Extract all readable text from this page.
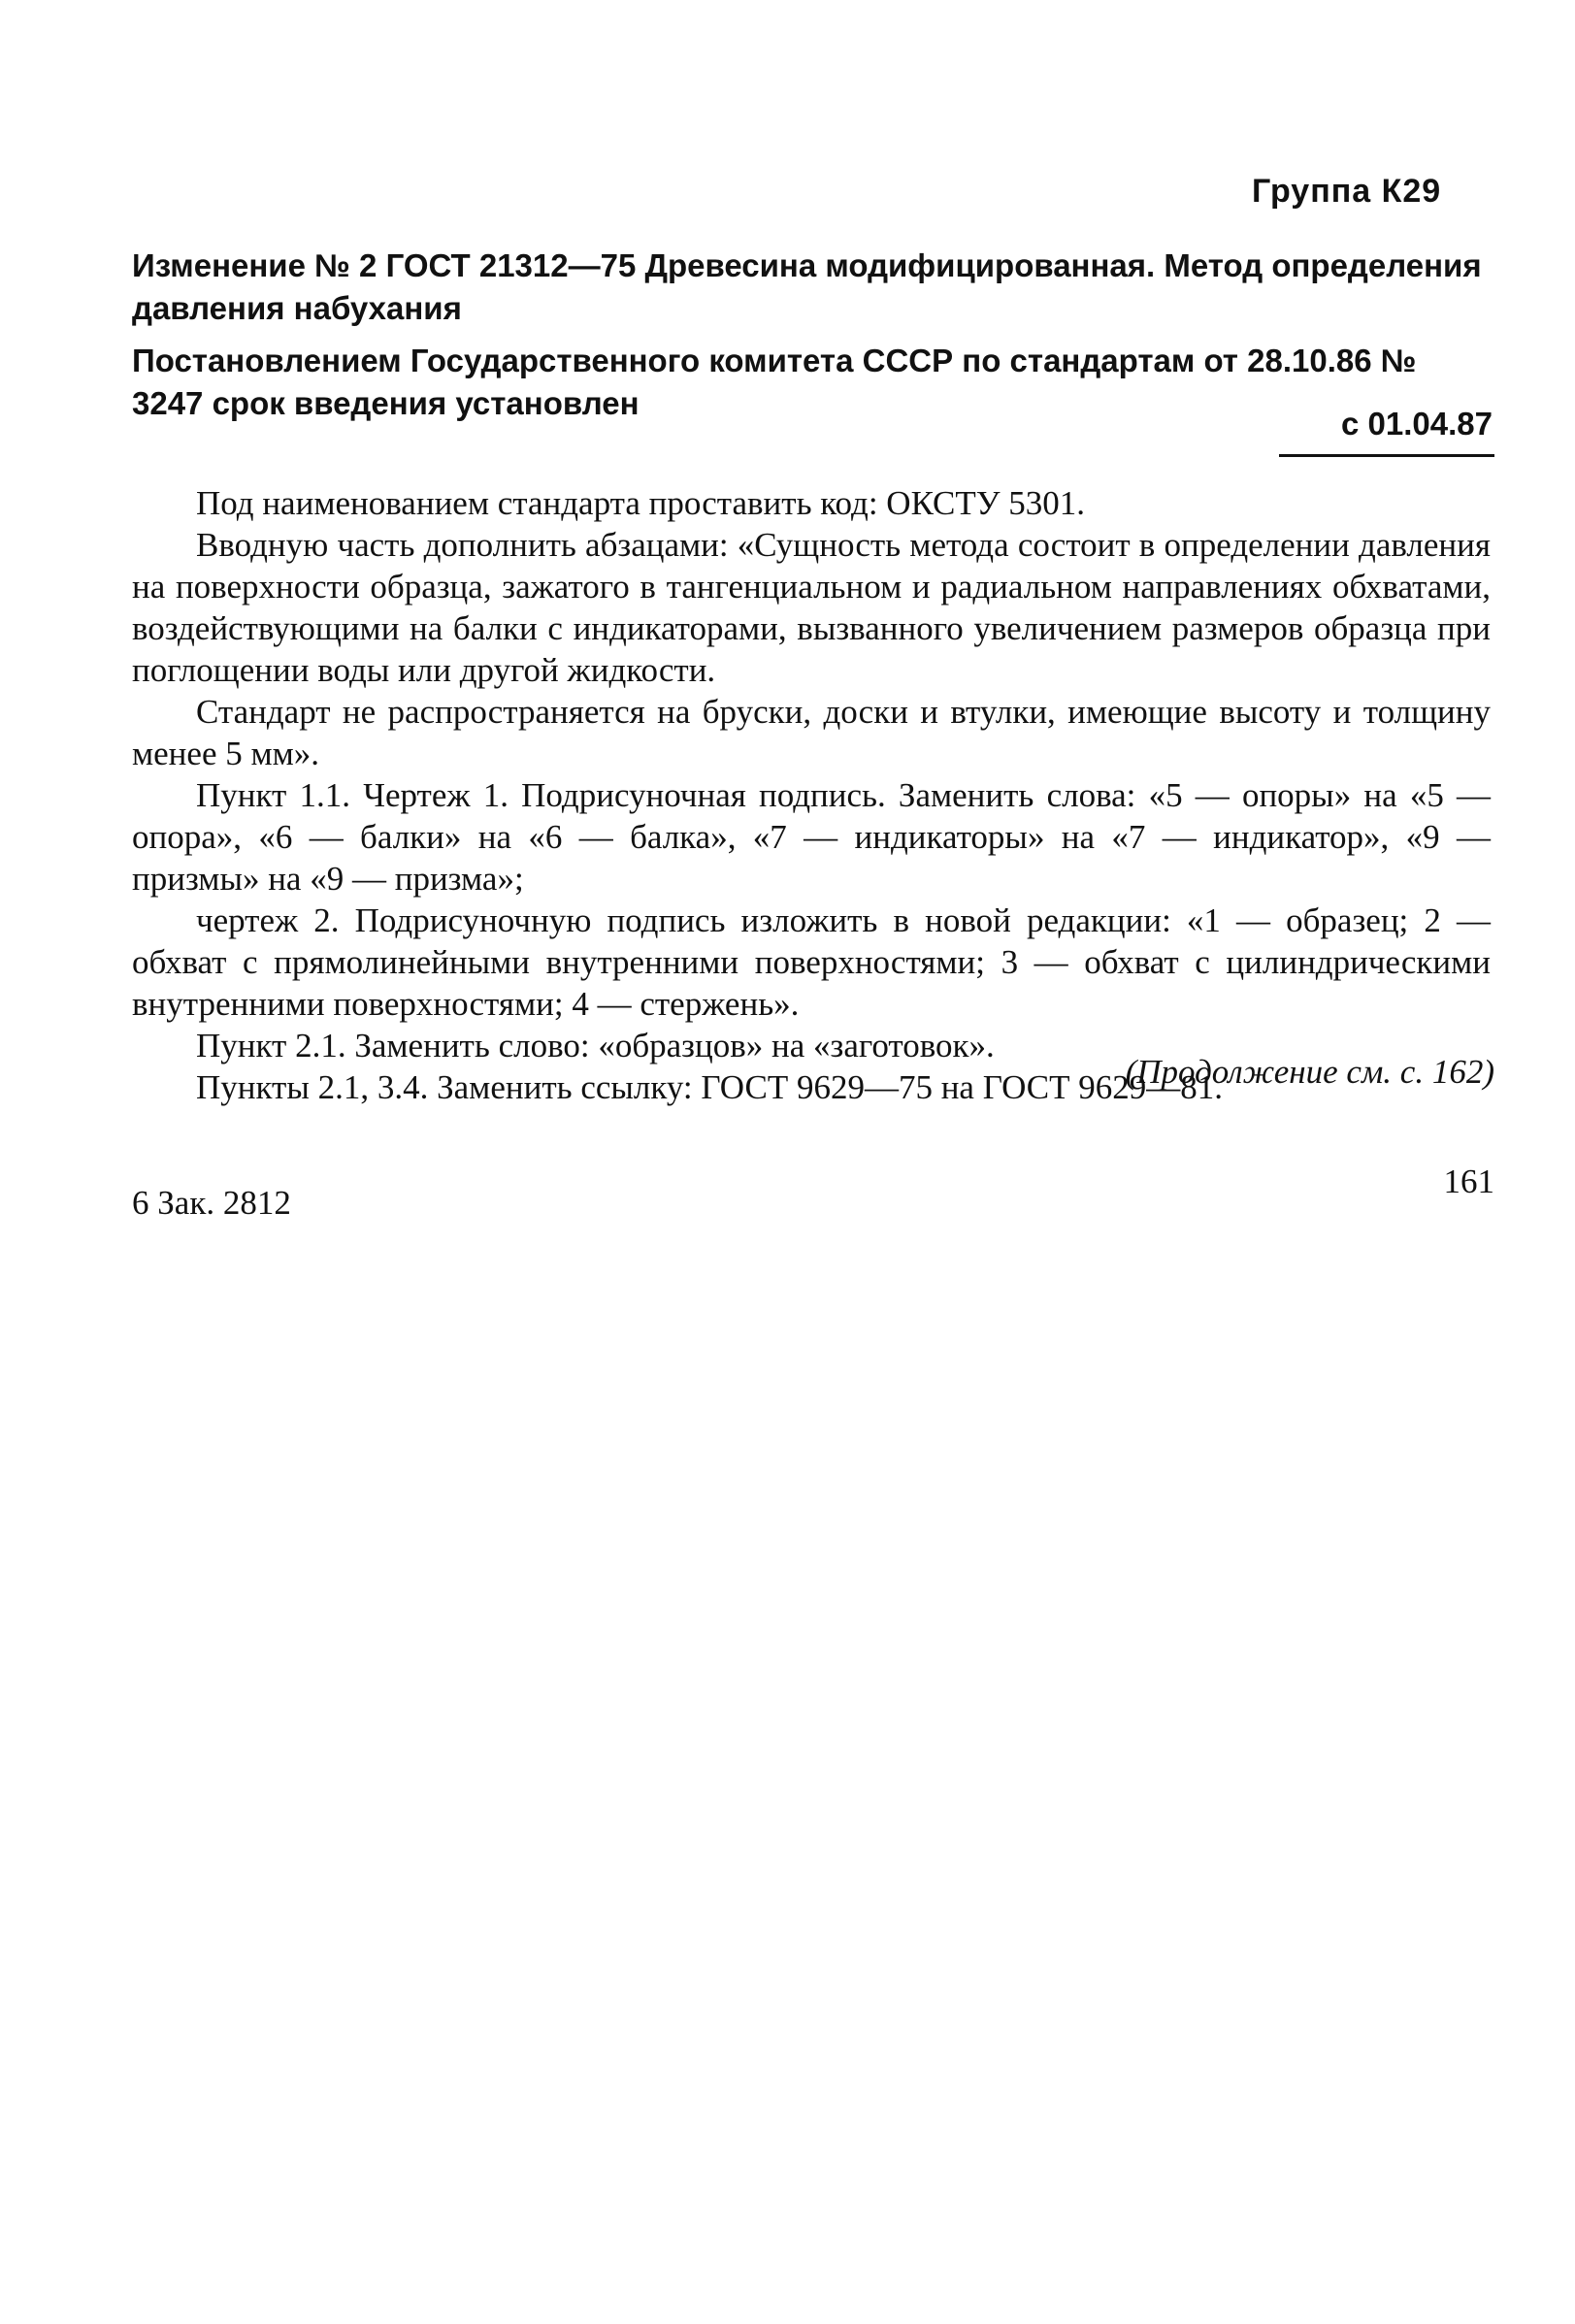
Группа К29
Изменение № 2 ГОСТ 21312—75 Древесина модифицированная. Метод определения давления набухания
Постановлением Государственного комитета СССР по стандартам от 28.10.86 № 3247 срок введения установлен
с 01.04.87

Под наименованием стандарта проставить код: ОКСТУ 5301.

Вводную часть дополнить абзацами: «Сущность метода состоит в определении давления на поверхности образца, зажатого в тангенциальном и радиальном направлениях обхватами, воздействующими на балки с индикаторами, вызванного увеличением размеров образца при поглощении воды или другой жидкости.

Стандарт не распространяется на бруски, доски и втулки, имеющие высоту и толщину менее 5 мм».

Пункт 1.1. Чертеж 1. Подрисуночная подпись. Заменить слова: «5 — опоры» на «5 — опора», «6 — балки» на «6 — балка», «7 — индикаторы» на «7 — индикатор», «9 — призмы» на «9 — призма»;

чертеж 2. Подрисуночную подпись изложить в новой редакции: «1 — образец; 2 — обхват с прямолинейными внутренними поверхностями; 3 — обхват с цилиндрическими внутренними поверхностями; 4 — стержень».

Пункт 2.1. Заменить слово: «образцов» на «заготовок».

Пункты 2.1, 3.4. Заменить ссылку: ГОСТ 9629—75 на ГОСТ 9629—81.

(Продолжение см. с. 162)
6 Зак. 2812
161
